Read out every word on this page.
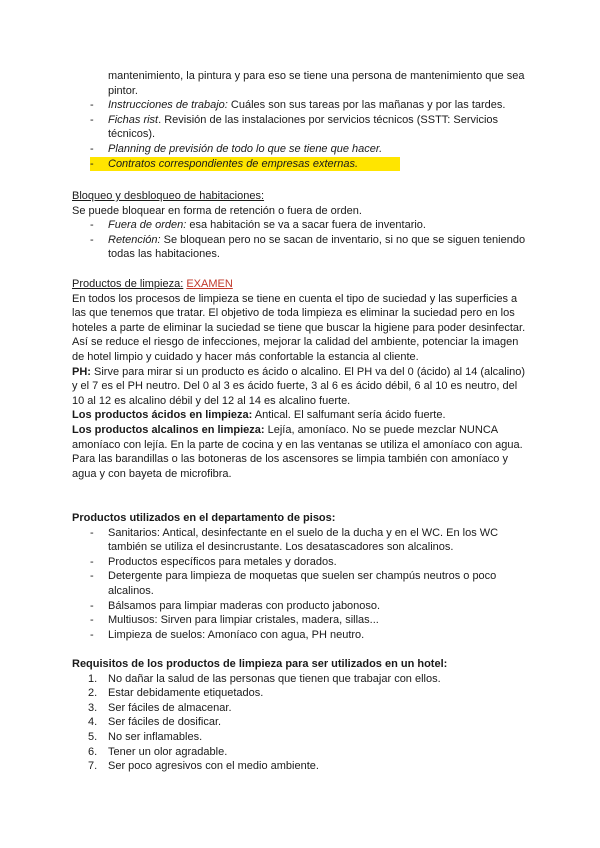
mantenimiento, la pintura y para eso se tiene una persona de mantenimiento que sea pintor.

- Instrucciones de trabajo: Cuáles son sus tareas por las mañanas y por las tardes.
- Fichas rist. Revisión de las instalaciones por servicios técnicos (SSTT: Servicios técnicos).
- Planning de previsión de todo lo que se tiene que hacer.
- Contratos correspondientes de empresas externas.

Bloqueo y desbloqueo de habitaciones:

Se puede bloquear en forma de retención o fuera de orden.

- Fuera de orden: esa habitación se va a sacar fuera de inventario.
- Retención: Se bloquean pero no se sacan de inventario, si no que se siguen teniendo todas las habitaciones.

Productos de limpieza: EXAMEN

En todos los procesos de limpieza se tiene en cuenta el tipo de suciedad y las superficies a las que tenemos que tratar. El objetivo de toda limpieza es eliminar la suciedad pero en los hoteles a parte de eliminar la suciedad se tiene que buscar la higiene para poder desinfectar.

Así se reduce el riesgo de infecciones, mejorar la calidad del ambiente, potenciar la imagen de hotel limpio y cuidado y hacer más confortable la estancia al cliente.

PH: Sirve para mirar si un producto es ácido o alcalino. El PH va del 0 (ácido) al 14 (alcalino) y el 7 es el PH neutro. Del 0 al 3 es ácido fuerte, 3 al 6 es ácido débil, 6 al 10 es neutro, del 10 al 12 es alcalino débil y del 12 al 14 es alcalino fuerte.

Los productos ácidos en limpieza: Antical. El salfumant sería ácido fuerte.

Los productos alcalinos en limpieza: Lejía, amoníaco. No se puede mezclar NUNCA amoníaco con lejía. En la parte de cocina y en las ventanas se utiliza el amoníaco con agua. Para las barandillas o las botoneras de los ascensores se limpia también con amoníaco y agua y con bayeta de microfibra.

Productos utilizados en el departamento de pisos:

- Sanitarios: Antical, desinfectante en el suelo de la ducha y en el WC. En los WC también se utiliza el desincrustante. Los desatascadores son alcalinos.
- Productos específicos para metales y dorados.
- Detergente para limpieza de moquetas que suelen ser champús neutros o poco alcalinos.
- Bálsamos para limpiar maderas con producto jabonoso.
- Multiusos: Sirven para limpiar cristales, madera, sillas...
- Limpieza de suelos: Amoníaco con agua, PH neutro.

Requisitos de los productos de limpieza para ser utilizados en un hotel:

1. No dañar la salud de las personas que tienen que trabajar con ellos.
2. Estar debidamente etiquetados.
3. Ser fáciles de almacenar.
4. Ser fáciles de dosificar.
5. No ser inflamables.
6. Tener un olor agradable.
7. Ser poco agresivos con el medio ambiente.
